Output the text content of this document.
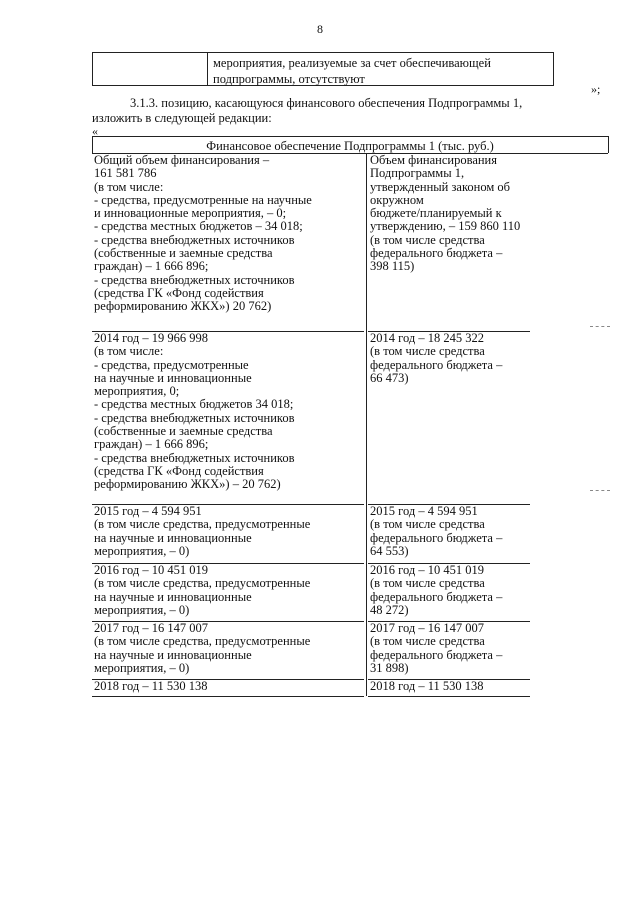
8
мероприятия, реализуемые за счет обеспечивающей
подпрограммы, отсутствуют
»;
3.1.3. позицию, касающуюся финансового обеспечения Подпрограммы 1,
изложить в следующей редакции:
«
Финансовое обеспечение Подпрограммы 1 (тыс. руб.)
Общий объем финансирования –
161 581 786
(в том числе:
- средства, предусмотренные на научные
и инновационные мероприятия, – 0;
- средства местных бюджетов – 34 018;
- средства внебюджетных источников
(собственные и заемные средства
граждан) – 1 666 896;
- средства внебюджетных источников
(средства ГК «Фонд содействия
реформированию ЖКХ») 20 762)
Объем финансирования
Подпрограммы 1,
утвержденный законом об
окружном
бюджете/планируемый к
утверждению, – 159 860 110
(в том числе средства
федерального бюджета –
398 115)
2014 год – 19 966 998
(в том числе:
- средства, предусмотренные
на научные и инновационные
мероприятия, 0;
- средства местных бюджетов 34 018;
- средства внебюджетных источников
(собственные и заемные средства
граждан) – 1 666 896;
- средства внебюджетных источников
(средства ГК «Фонд содействия
реформированию ЖКХ») – 20 762)
2014 год – 18 245 322
(в том числе средства
федерального бюджета –
66 473)
2015 год – 4 594 951
(в том числе средства, предусмотренные
на научные и инновационные
мероприятия, – 0)
2015 год – 4 594 951
(в том числе средства
федерального бюджета –
64 553)
2016 год – 10 451 019
(в том числе средства, предусмотренные
на научные и инновационные
мероприятия, – 0)
2016 год – 10 451 019
(в том числе средства
федерального бюджета –
48 272)
2017 год – 16 147 007
(в том числе средства, предусмотренные
на научные и инновационные
мероприятия, – 0)
2017 год – 16 147 007
(в том числе средства
федерального бюджета –
31 898)
2018 год – 11 530 138	2018 год – 11 530 138
